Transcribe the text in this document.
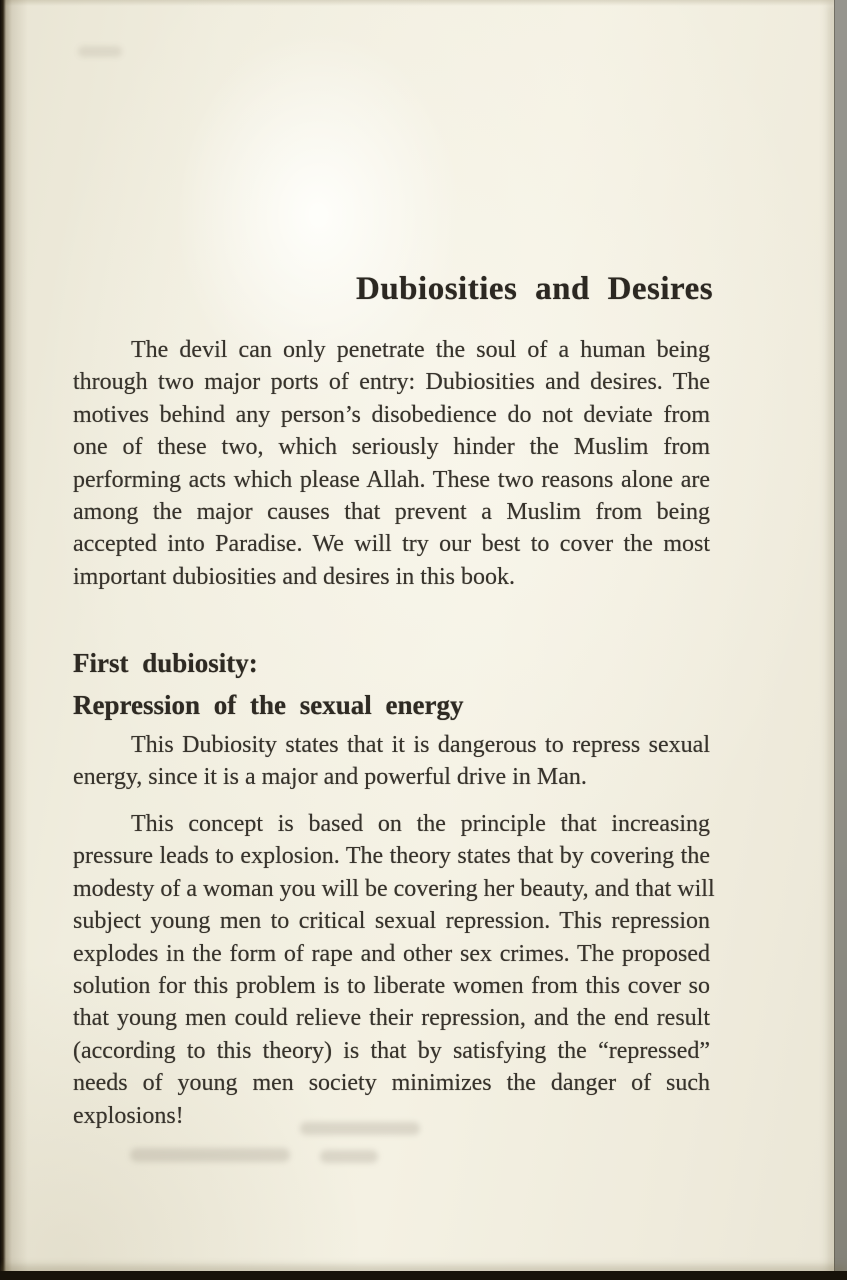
Dubiosities and Desires
The devil can only penetrate the soul of a human being
through two major ports of entry: Dubiosities and desires. The
motives behind any person’s disobedience do not deviate from
one of these two, which seriously hinder the Muslim from
performing acts which please Allah. These two reasons alone are
among the major causes that prevent a Muslim from being
accepted into Paradise. We will try our best to cover the most
important dubiosities and desires in this book.
First dubiosity:
Repression of the sexual energy
This Dubiosity states that it is dangerous to repress sexual
energy, since it is a major and powerful drive in Man.
This concept is based on the principle that increasing
pressure leads to explosion. The theory states that by covering the
modesty of a woman you will be covering her beauty, and that will
subject young men to critical sexual repression. This repression
explodes in the form of rape and other sex crimes. The proposed
solution for this problem is to liberate women from this cover so
that young men could relieve their repression, and the end result
(according to this theory) is that by satisfying the “repressed”
needs of young men society minimizes the danger of such
explosions!
